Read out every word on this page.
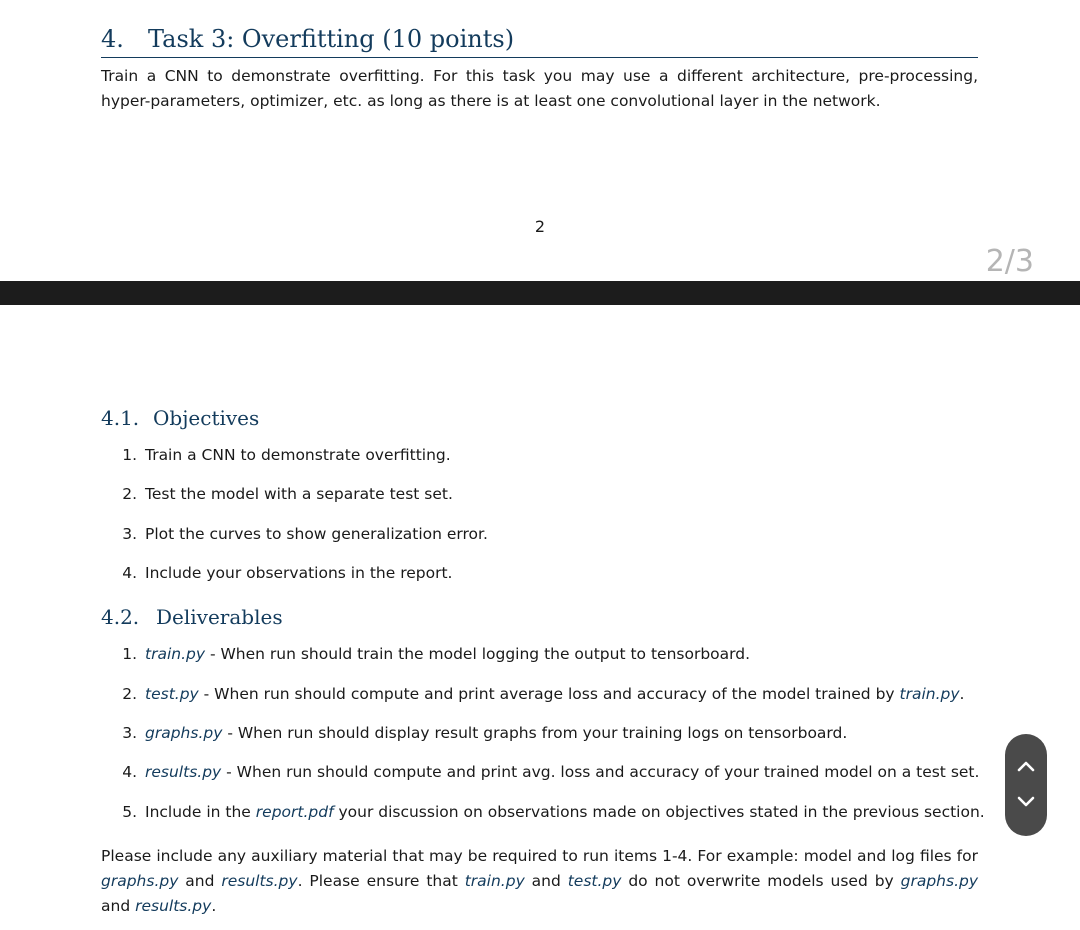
4. Task 3: Overfitting (10 points)

Train a CNN to demonstrate overfitting. For this task you may use a different architecture, pre-processing, hyper-parameters, optimizer, etc. as long as there is at least one convolutional layer in the network.

2
2/3
4.1. Objectives
1. Train a CNN to demonstrate overfitting.
2. Test the model with a separate test set.
3. Plot the curves to show generalization error.
4. Include your observations in the report.
4.2. Deliverables
1. train.py - When run should train the model logging the output to tensorboard.
2. test.py - When run should compute and print average loss and accuracy of the model trained by train.py.
3. graphs.py - When run should display result graphs from your training logs on tensorboard.
4. results.py - When run should compute and print avg. loss and accuracy of your trained model on a test set.
5. Include in the report.pdf your discussion on observations made on objectives stated in the previous section.

Please include any auxiliary material that may be required to run items 1-4. For example: model and log files for graphs.py and results.py. Please ensure that train.py and test.py do not overwrite models used by graphs.py and results.py.
